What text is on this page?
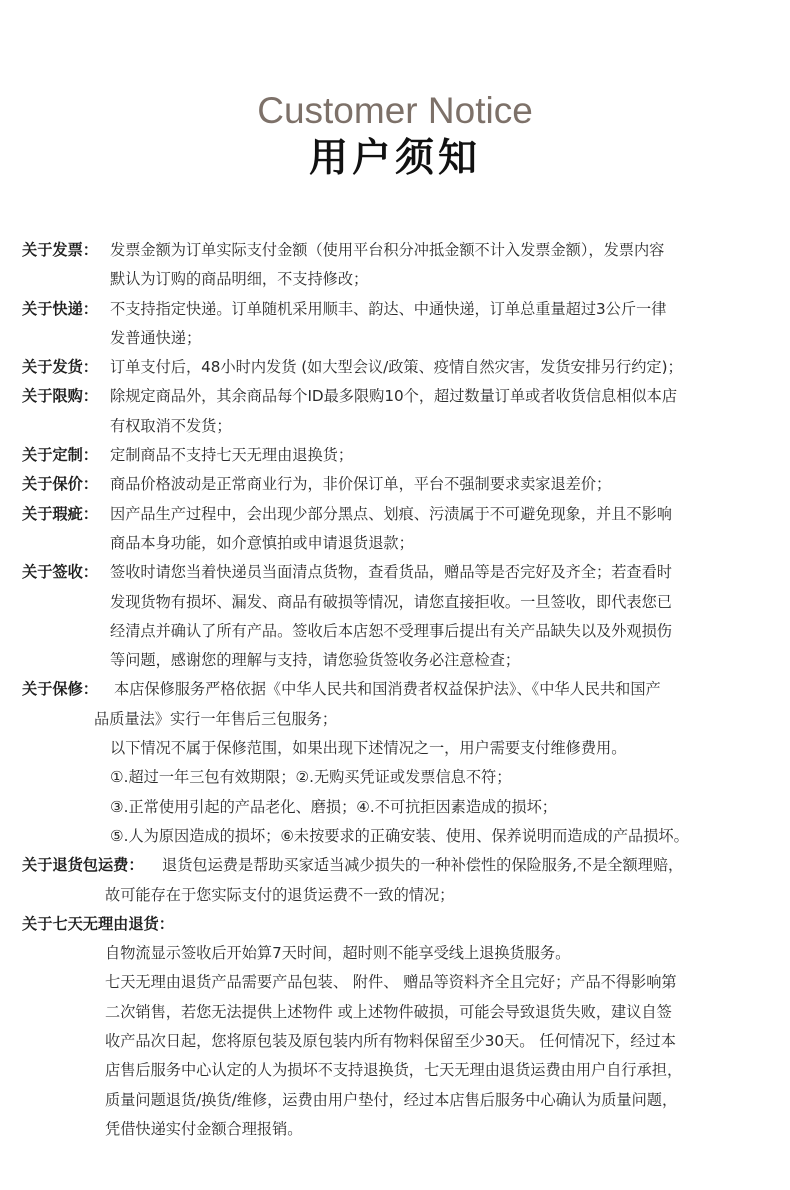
Customer Notice
用户须知
关于发票： 发票金额为订单实际支付金额（使用平台积分冲抵金额不计入发票金额），发票内容
默认为订购的商品明细，不支持修改；
关于快递： 不支持指定快递。订单随机采用顺丰、韵达、中通快递，订单总重量超过3公斤一律
发普通快递；
关于发货： 订单支付后，48小时内发货 (如大型会议/政策、疫情自然灾害，发货安排另行约定)；
关于限购： 除规定商品外，其余商品每个ID最多限购10个，超过数量订单或者收货信息相似本店
有权取消不发货；
关于定制： 定制商品不支持七天无理由退换货；
关于保价： 商品价格波动是正常商业行为，非价保订单，平台不强制要求卖家退差价；
关于瑕疵： 因产品生产过程中，会出现少部分黑点、划痕、污渍属于不可避免现象，并且不影响
商品本身功能，如介意慎拍或申请退货退款；
关于签收： 签收时请您当着快递员当面清点货物，查看货品，赠品等是否完好及齐全；若查看时
发现货物有损坏、漏发、商品有破损等情况，请您直接拒收。一旦签收，即代表您已
经清点并确认了所有产品。签收后本店恕不受理事后提出有关产品缺失以及外观损伤
等问题，感谢您的理解与支持，请您验货签收务必注意检查；
关于保修：	本店保修服务严格依据《中华人民共和国消费者权益保护法》、《中华人民共和国产
品质量法》实行一年售后三包服务；
以下情况不属于保修范围，如果出现下述情况之一，用户需要支付维修费用。
①.超过一年三包有效期限；②.无购买凭证或发票信息不符；
③.正常使用引起的产品老化、磨损；④.不可抗拒因素造成的损坏；
⑤.人为原因造成的损坏；⑥未按要求的正确安装、使用、保养说明而造成的产品损坏。
关于退货包运费：	退货包运费是帮助买家适当减少损失的一种补偿性的保险服务,不是全额理赔，
故可能存在于您实际支付的退货运费不一致的情况；
关于七天无理由退货：
自物流显示签收后开始算7天时间，超时则不能享受线上退换货服务。
七天无理由退货产品需要产品包装、 附件、 赠品等资料齐全且完好；产品不得影响第
二次销售，若您无法提供上述物件 或上述物件破损，可能会导致退货失败，建议自签
收产品次日起，您将原包装及原包装内所有物料保留至少30天。 任何情况下，经过本
店售后服务中心认定的人为损坏不支持退换货，七天无理由退货运费由用户自行承担，
质量问题退货/换货/维修，运费由用户垫付，经过本店售后服务中心确认为质量问题，
凭借快递实付金额合理报销。
